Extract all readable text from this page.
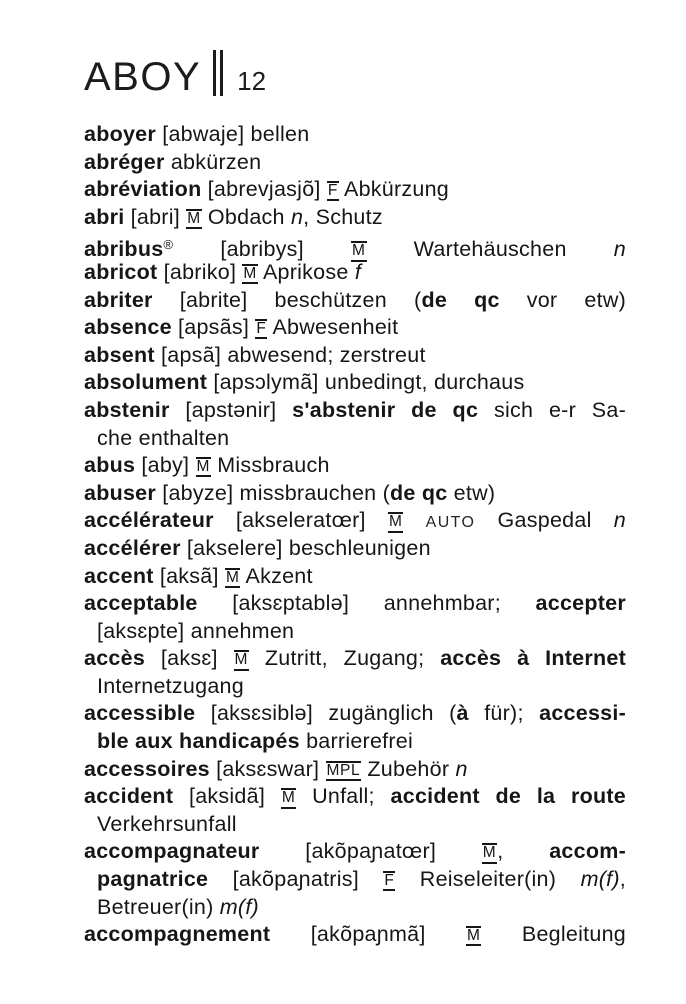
ABOY 12
aboyer [abwaje] bellen
abréger abkürzen
abréviation [abrevjasjõ] F Abkürzung
abri [abri] M Obdach n, Schutz
abribus® [abribys] M Wartehäuschen n
abricot [abriko] M Aprikose f
abriter [abrite] beschützen (de qc vor etw)
absence [apsãs] F Abwesenheit
absent [apsã] abwesend; zerstreut
absolument [apsɔlymã] unbedingt, durchaus
abstenir [apstənir] s'abstenir de qc sich e-r Sa-
che enthalten
abus [aby] M Missbrauch
abuser [abyze] missbrauchen (de qc etw)
accélérateur [akseleratœr] M AUTO Gaspedal n
accélérer [akselere] beschleunigen
accent [aksã] M Akzent
acceptable [aksɛptablə] annehmbar; accepter
[aksɛpte] annehmen
accès [aksɛ] M Zutritt, Zugang; accès à Internet
Internetzugang
accessible [aksɛsiblə] zugänglich (à für); accessi-
ble aux handicapés barrierefrei
accessoires [aksɛswar] MPL Zubehör n
accident [aksidã] M Unfall; accident de la route
Verkehrsunfall
accompagnateur [akõpaɲatœr] M, accom-
pagnatrice [akõpaɲatris] F Reiseleiter(in) m(f),
Betreuer(in) m(f)
accompagnement [akõpaɲmã] M Begleitung
